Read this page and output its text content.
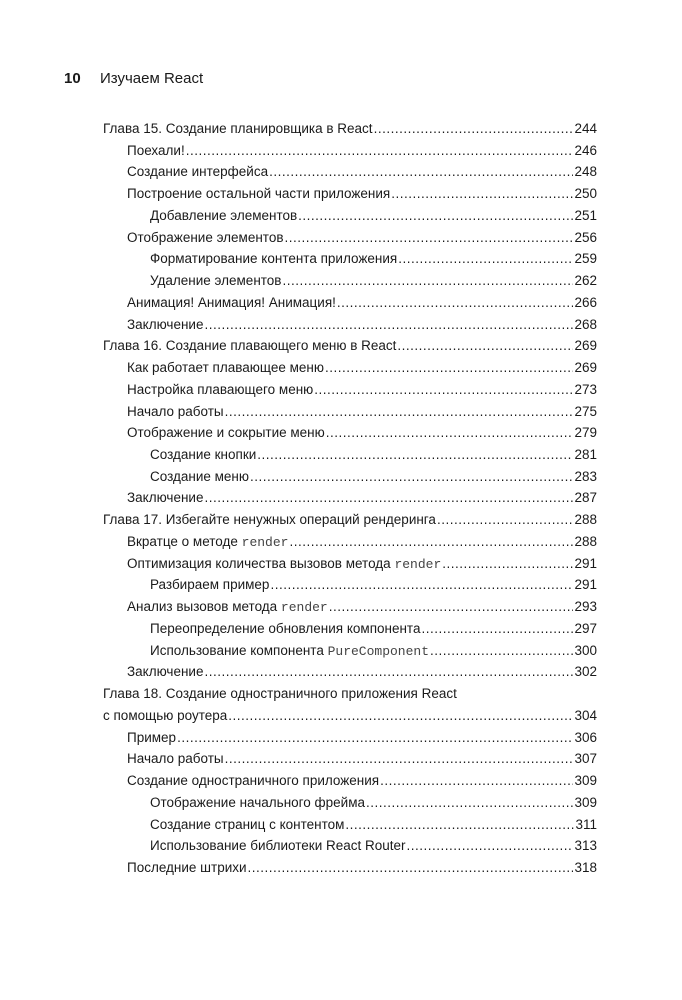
10	Изучаем React
Глава 15. Создание планировщика в React .....	244
Поехали! .....	246
Создание интерфейса .....	248
Построение остальной части приложения .....	250
Добавление элементов .....	251
Отображение элементов .....	256
Форматирование контента приложения .....	259
Удаление элементов .....	262
Анимация! Анимация! Анимация! .....	266
Заключение .....	268
Глава 16. Создание плавающего меню в React .....	269
Как работает плавающее меню .....	269
Настройка плавающего меню .....	273
Начало работы .....	275
Отображение и сокрытие меню .....	279
Создание кнопки .....	281
Создание меню .....	283
Заключение .....	287
Глава 17. Избегайте ненужных операций рендеринга .....	288
Вкратце о методе render .....	288
Оптимизация количества вызовов метода render .....	291
Разбираем пример .....	291
Анализ вызовов метода render .....	293
Переопределение обновления компонента .....	297
Использование компонента PureComponent .....	300
Заключение .....	302
Глава 18. Создание одностраничного приложения React
с помощью роутера .....	304
Пример .....	306
Начало работы .....	307
Создание одностраничного приложения .....	309
Отображение начального фрейма .....	309
Создание страниц с контентом .....	311
Использование библиотеки React Router .....	313
Последние штрихи .....	318
